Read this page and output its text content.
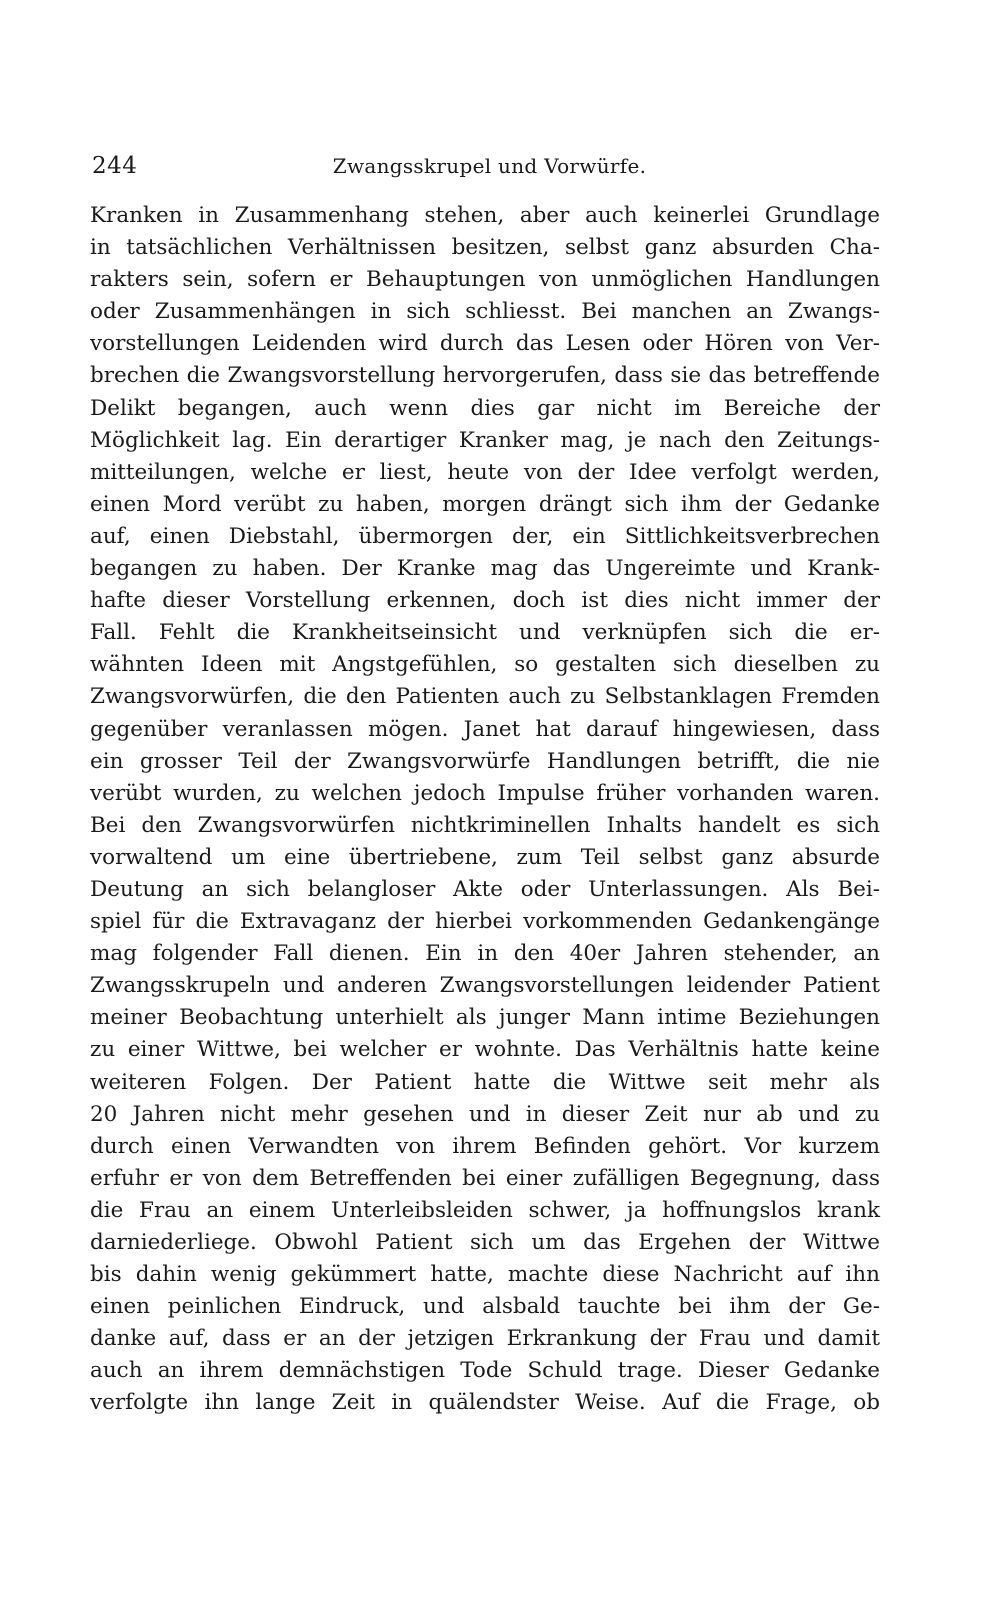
244	Zwangsskrupel und Vorwürfe.
Kranken in Zusammenhang stehen, aber auch keinerlei Grundlage
in tatsächlichen Verhältnissen besitzen, selbst ganz absurden Cha-
rakters sein, sofern er Behauptungen von unmöglichen Handlungen
oder Zusammenhängen in sich schliesst. Bei manchen an Zwangs-
vorstellungen Leidenden wird durch das Lesen oder Hören von Ver-
brechen die Zwangsvorstellung hervorgerufen, dass sie das betreffende
Delikt begangen, auch wenn dies gar nicht im Bereiche der
Möglichkeit lag. Ein derartiger Kranker mag, je nach den Zeitungs-
mitteilungen, welche er liest, heute von der Idee verfolgt werden,
einen Mord verübt zu haben, morgen drängt sich ihm der Gedanke
auf, einen Diebstahl, übermorgen der, ein Sittlichkeitsverbrechen
begangen zu haben. Der Kranke mag das Ungereimte und Krank-
hafte dieser Vorstellung erkennen, doch ist dies nicht immer der
Fall. Fehlt die Krankheitseinsicht und verknüpfen sich die er-
wähnten Ideen mit Angstgefühlen, so gestalten sich dieselben zu
Zwangsvorwürfen, die den Patienten auch zu Selbstanklagen Fremden
gegenüber veranlassen mögen. Janet hat darauf hingewiesen, dass
ein grosser Teil der Zwangsvorwürfe Handlungen betrifft, die nie
verübt wurden, zu welchen jedoch Impulse früher vorhanden waren.
Bei den Zwangsvorwürfen nichtkriminellen Inhalts handelt es sich
vorwaltend um eine übertriebene, zum Teil selbst ganz absurde
Deutung an sich belangloser Akte oder Unterlassungen. Als Bei-
spiel für die Extravaganz der hierbei vorkommenden Gedankengänge
mag folgender Fall dienen. Ein in den 40er Jahren stehender, an
Zwangsskrupeln und anderen Zwangsvorstellungen leidender Patient
meiner Beobachtung unterhielt als junger Mann intime Beziehungen
zu einer Wittwe, bei welcher er wohnte. Das Verhältnis hatte keine
weiteren Folgen. Der Patient hatte die Wittwe seit mehr als
20 Jahren nicht mehr gesehen und in dieser Zeit nur ab und zu
durch einen Verwandten von ihrem Befinden gehört. Vor kurzem
erfuhr er von dem Betreffenden bei einer zufälligen Begegnung, dass
die Frau an einem Unterleibsleiden schwer, ja hoffnungslos krank
darniederliege. Obwohl Patient sich um das Ergehen der Wittwe
bis dahin wenig gekümmert hatte, machte diese Nachricht auf ihn
einen peinlichen Eindruck, und alsbald tauchte bei ihm der Ge-
danke auf, dass er an der jetzigen Erkrankung der Frau und damit
auch an ihrem demnächstigen Tode Schuld trage. Dieser Gedanke
verfolgte ihn lange Zeit in quälendster Weise. Auf die Frage, ob
